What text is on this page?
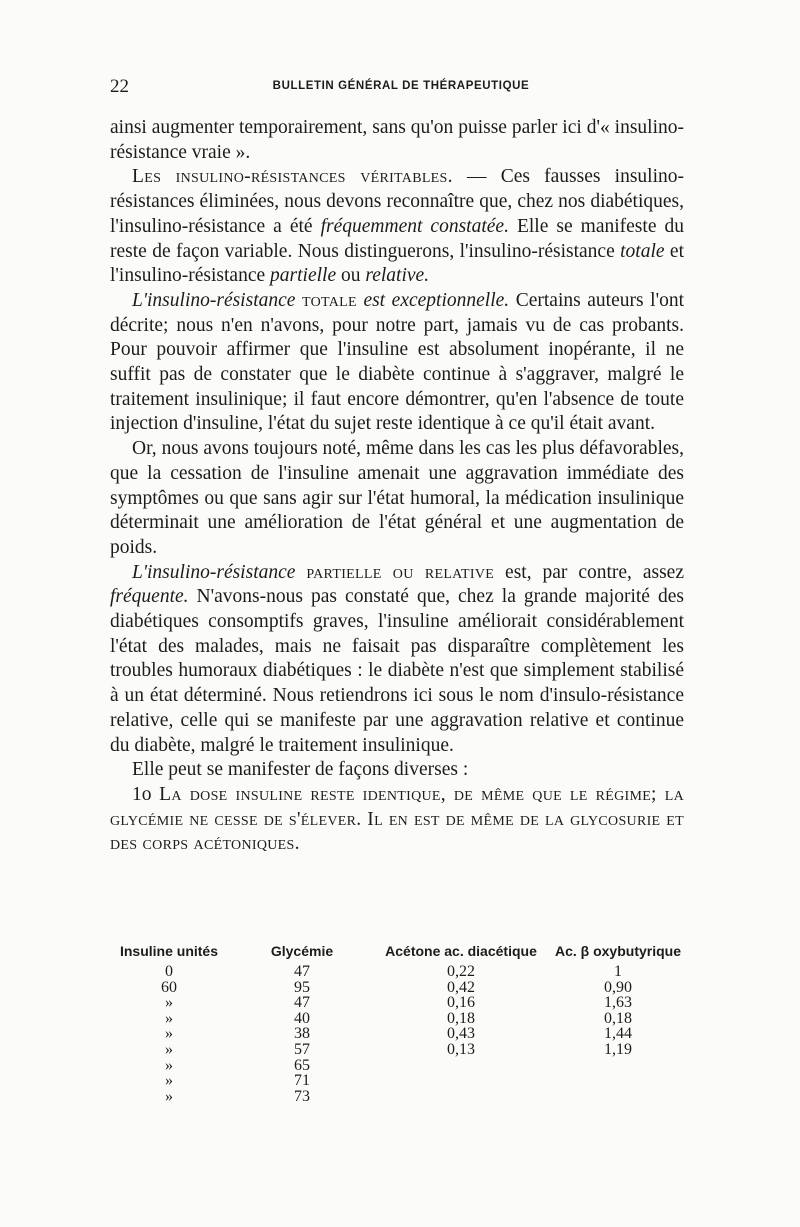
22	BULLETIN GÉNÉRAL DE THÉRAPEUTIQUE

ainsi augmenter temporairement, sans qu'on puisse parler ici d'« insulino-résistance vraie ».

Les insulino-résistances véritables. — Ces fausses insulino-résistances éliminées, nous devons reconnaître que, chez nos diabétiques, l'insulino-résistance a été fréquemment constatée. Elle se manifeste du reste de façon variable. Nous distinguerons, l'insulino-résistance totale et l'insulino-résistance partielle ou relative.

L'insulino-résistance totale est exceptionnelle. Certains auteurs l'ont décrite; nous n'en n'avons, pour notre part, jamais vu de cas probants. Pour pouvoir affirmer que l'insuline est absolument inopérante, il ne suffit pas de constater que le diabète continue à s'aggraver, malgré le traitement insulinique; il faut encore démontrer, qu'en l'absence de toute injection d'insuline, l'état du sujet reste identique à ce qu'il était avant.

Or, nous avons toujours noté, même dans les cas les plus défavorables, que la cessation de l'insuline amenait une aggravation immédiate des symptômes ou que sans agir sur l'état humoral, la médication insulinique déterminait une amélioration de l'état général et une augmentation de poids.

L'insulino-résistance partielle ou relative est, par contre, assez fréquente. N'avons-nous pas constaté que, chez la grande majorité des diabétiques consomptifs graves, l'insuline améliorait considérablement l'état des malades, mais ne faisait pas disparaître complètement les troubles humoraux diabétiques : le diabète n'est que simplement stabilisé à un état déterminé. Nous retiendrons ici sous le nom d'insulo-résistance relative, celle qui se manifeste par une aggravation relative et continue du diabète, malgré le traitement insulinique.

Elle peut se manifester de façons diverses :

1o La dose insuline reste identique, de même que le régime; la glycémie ne cesse de s'élever. Il en est de même de la glycosurie et des corps acétoniques.

Insuline unités	Glycémie	Acétone ac. diacétique	Ac. β oxybutyrique
0	47	0,22	1
60	95	0,42	0,90
»	47	0,16	1,63
»	40	0,18	0,18
»	38	0,43	1,44
»	57	0,13	1,19
»	65		
»	71		
»	73		
